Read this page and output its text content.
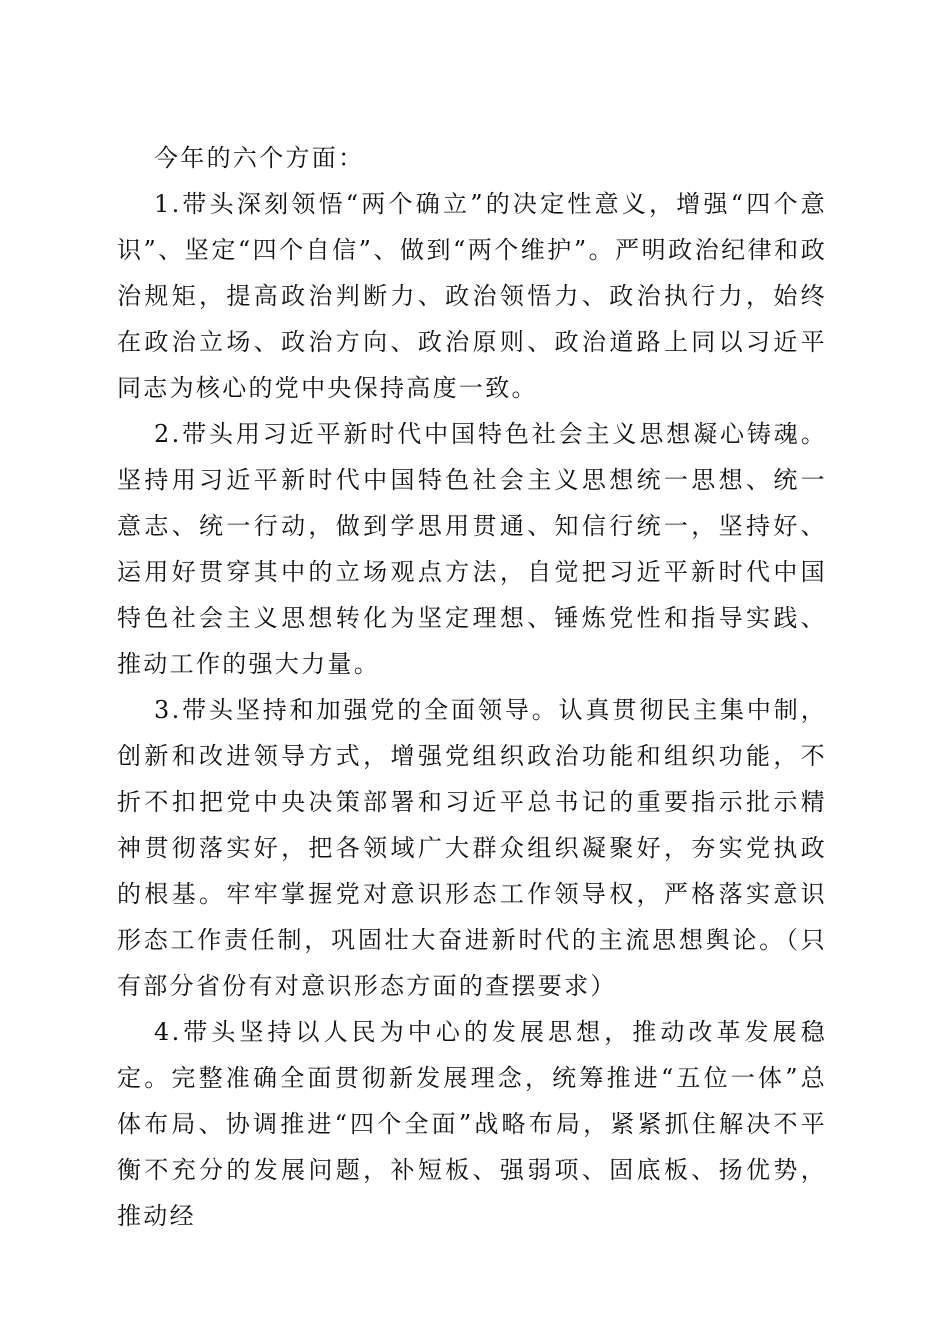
今年的六个方面：

1.带头深刻领悟“两个确立”的决定性意义，增强“四个意识”、坚定“四个自信”、做到“两个维护”。严明政治纪律和政治规矩，提高政治判断力、政治领悟力、政治执行力，始终在政治立场、政治方向、政治原则、政治道路上同以习近平同志为核心的党中央保持高度一致。

2.带头用习近平新时代中国特色社会主义思想凝心铸魂。坚持用习近平新时代中国特色社会主义思想统一思想、统一意志、统一行动，做到学思用贯通、知信行统一，坚持好、运用好贯穿其中的立场观点方法，自觉把习近平新时代中国特色社会主义思想转化为坚定理想、锤炼党性和指导实践、推动工作的强大力量。

3.带头坚持和加强党的全面领导。认真贯彻民主集中制，创新和改进领导方式，增强党组织政治功能和组织功能，不折不扣把党中央决策部署和习近平总书记的重要指示批示精神贯彻落实好，把各领域广大群众组织凝聚好，夯实党执政的根基。牢牢掌握党对意识形态工作领导权，严格落实意识形态工作责任制，巩固壮大奋进新时代的主流思想舆论。（只有部分省份有对意识形态方面的查摆要求）

4.带头坚持以人民为中心的发展思想，推动改革发展稳定。完整准确全面贯彻新发展理念，统筹推进“五位一体”总体布局、协调推进“四个全面”战略布局，紧紧抓住解决不平衡不充分的发展问题，补短板、强弱项、固底板、扬优势，推动经
